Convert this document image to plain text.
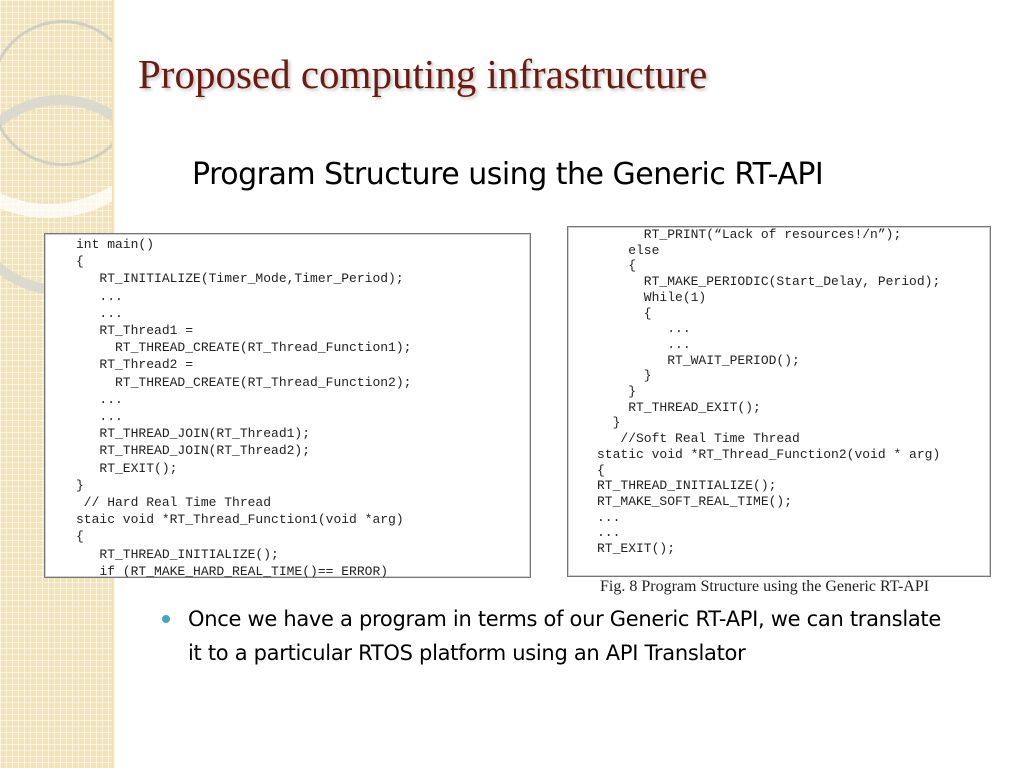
Proposed computing infrastructure
Program Structure using the Generic RT-API
int main()
{
RT_INITIALIZE(Timer_Mode,Timer_Period);
...
...
RT_Thread1 =
RT_THREAD_CREATE(RT_Thread_Function1);
RT_Thread2 =
RT_THREAD_CREATE(RT_Thread_Function2);
...
...
RT_THREAD_JOIN(RT_Thread1);
RT_THREAD_JOIN(RT_Thread2);
RT_EXIT();
}
// Hard Real Time Thread
staic void *RT_Thread_Function1(void *arg)
{
RT_THREAD_INITIALIZE();
if (RT_MAKE_HARD_REAL_TIME()== ERROR)
RT_PRINT(“Lack of resources!/n”);
else
{
RT_MAKE_PERIODIC(Start_Delay, Period);
While(1)
{
...
...
RT_WAIT_PERIOD();
}
}
RT_THREAD_EXIT();
}
//Soft Real Time Thread
static void *RT_Thread_Function2(void * arg)
{
RT_THREAD_INITIALIZE();
RT_MAKE_SOFT_REAL_TIME();
...
...
RT_EXIT();
Fig. 8 Program Structure using the Generic RT-API
Once we have a program in terms of our Generic RT-API, we can translate it to a particular RTOS platform using an API Translator
